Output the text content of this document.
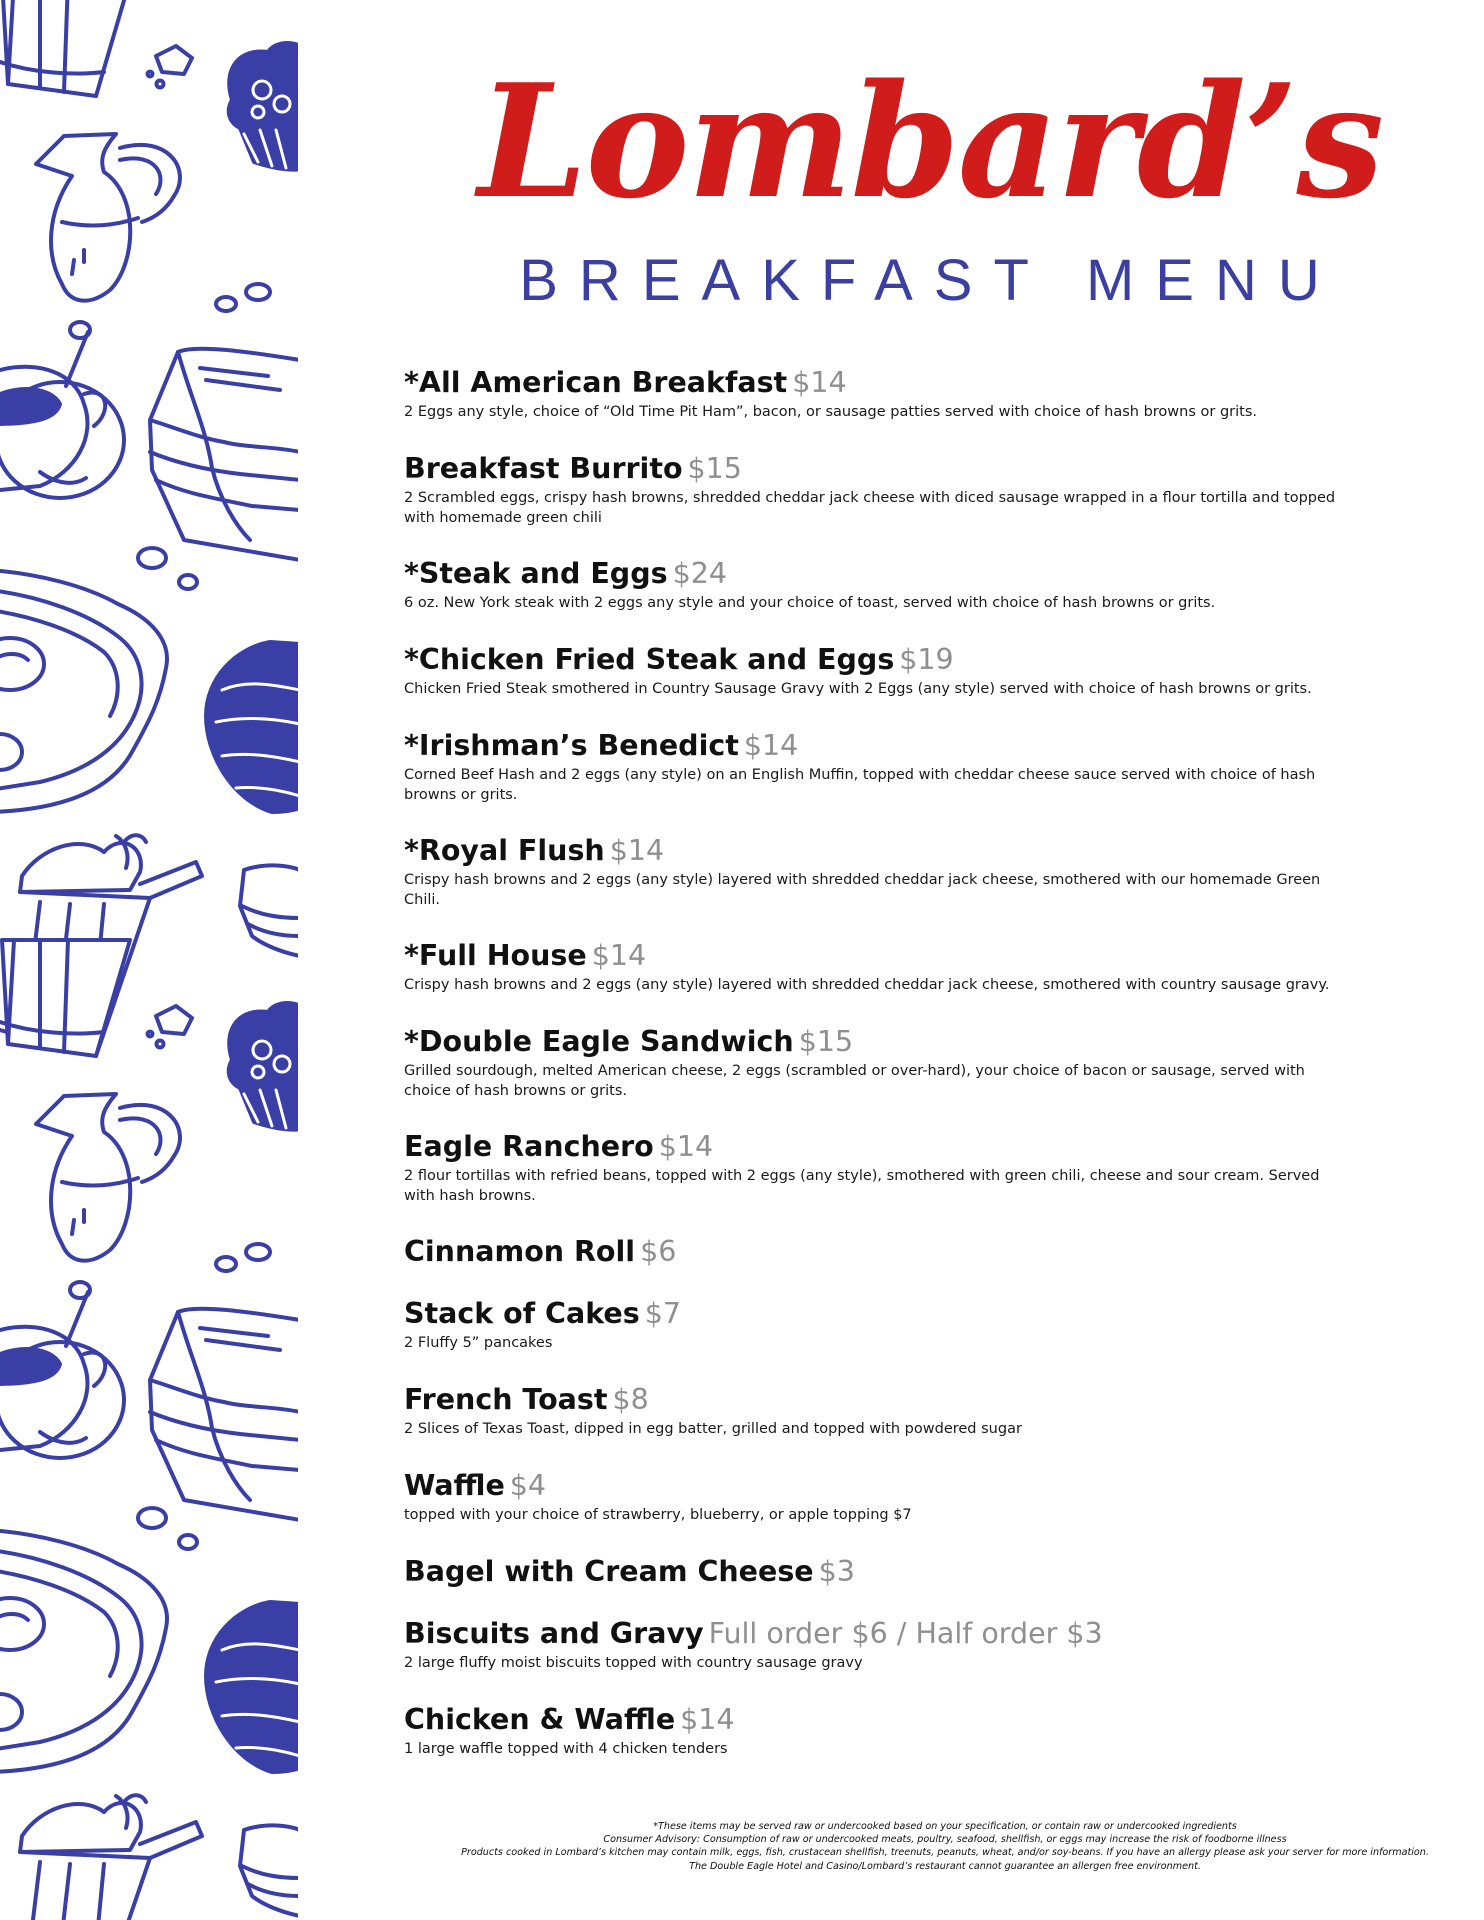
Lombard’s
BREAKFAST MENU
*All American Breakfast $14
2 Eggs any style, choice of “Old Time Pit Ham”, bacon, or sausage patties served with choice of hash browns or grits.
Breakfast Burrito $15
2 Scrambled eggs, crispy hash browns, shredded cheddar jack cheese with diced sausage wrapped in a flour tortilla and topped with homemade green chili
*Steak and Eggs $24
6 oz. New York steak with 2 eggs any style and your choice of toast, served with choice of hash browns or grits.
*Chicken Fried Steak and Eggs $19
Chicken Fried Steak smothered in Country Sausage Gravy with 2 Eggs (any style) served with choice of hash browns or grits.
*Irishman’s Benedict $14
Corned Beef Hash and 2 eggs (any style) on an English Muffin, topped with cheddar cheese sauce served with choice of hash browns or grits.
*Royal Flush $14
Crispy hash browns and 2 eggs (any style) layered with shredded cheddar jack cheese, smothered with our homemade Green Chili.
*Full House $14
Crispy hash browns and 2 eggs (any style) layered with shredded cheddar jack cheese, smothered with country sausage gravy.
*Double Eagle Sandwich $15
Grilled sourdough, melted American cheese, 2 eggs (scrambled or over-hard), your choice of bacon or sausage, served with choice of hash browns or grits.
Eagle Ranchero $14
2 flour tortillas with refried beans, topped with 2 eggs (any style), smothered with green chili, cheese and sour cream. Served with hash browns.
Cinnamon Roll $6
Stack of Cakes $7
2 Fluffy 5” pancakes
French Toast $8
2 Slices of Texas Toast, dipped in egg batter, grilled and topped with powdered sugar
Waffle $4
topped with your choice of strawberry, blueberry, or apple topping $7
Bagel with Cream Cheese $3
Biscuits and Gravy Full order $6 / Half order $3
2 large fluffy moist biscuits topped with country sausage gravy
Chicken & Waffle $14
1 large waffle topped with 4 chicken tenders
*These items may be served raw or undercooked based on your specification, or contain raw or undercooked ingredients
Consumer Advisory: Consumption of raw or undercooked meats, poultry, seafood, shellfish, or eggs may increase the risk of foodborne illness
Products cooked in Lombard’s kitchen may contain milk, eggs, fish, crustacean shellfish, treenuts, peanuts, wheat, and/or soy-beans. If you have an allergy please ask your server for more information.
The Double Eagle Hotel and Casino/Lombard’s restaurant cannot guarantee an allergen free environment.
